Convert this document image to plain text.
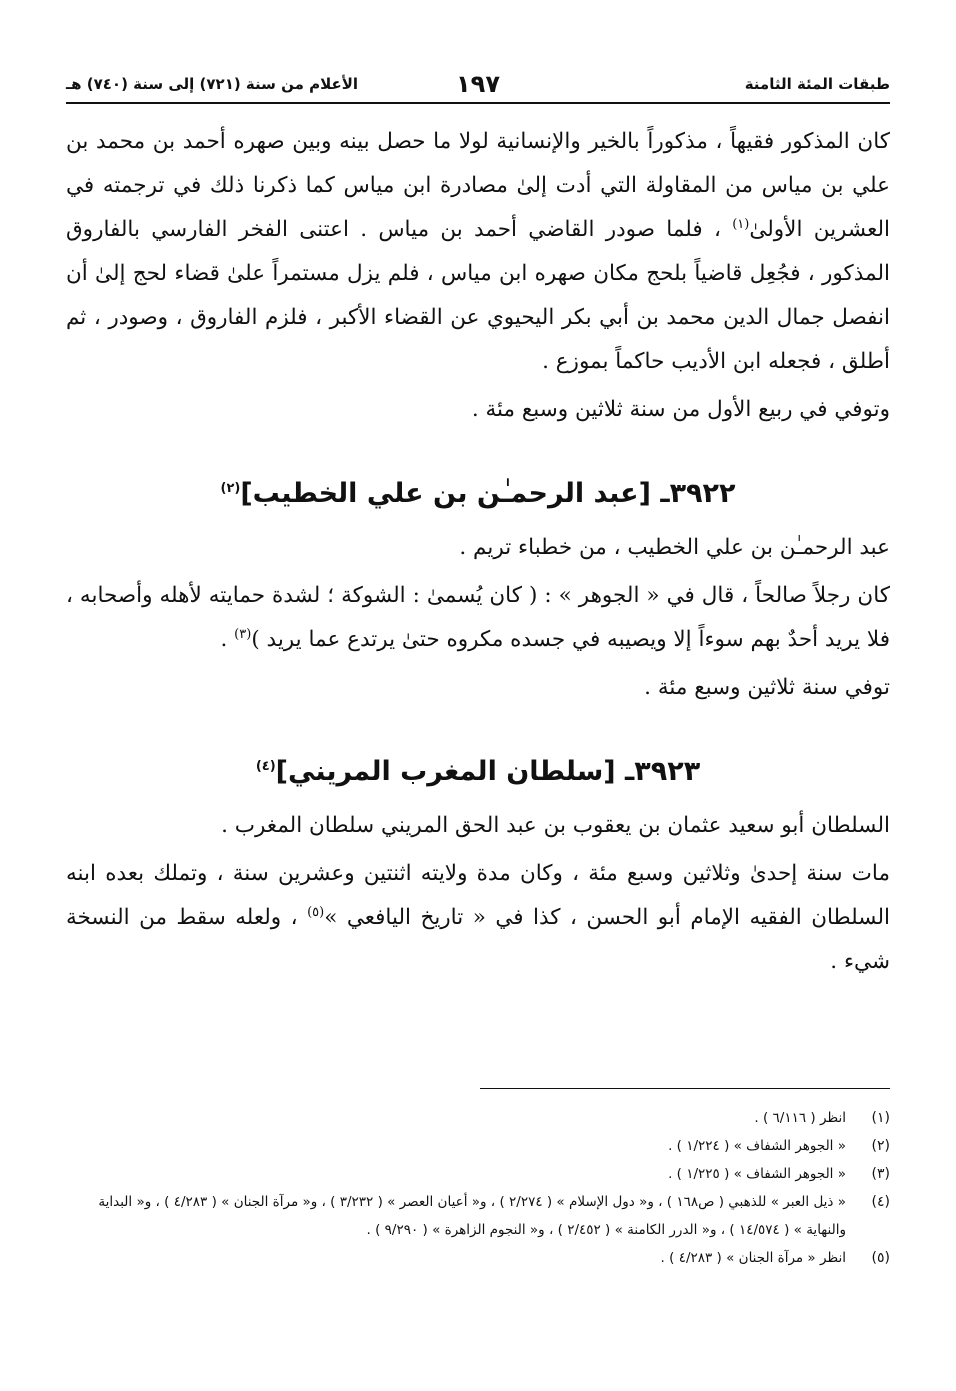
طبقات المئة الثامنة
١٩٧
الأعلام من سنة (٧٢١) إلى سنة (٧٤٠) هـ

كان المذكور فقيهاً ، مذكوراً بالخير والإنسانية لولا ما حصل بينه وبين صهره أحمد بن محمد بن علي بن مياس من المقاولة التي أدت إلىٰ مصادرة ابن مياس كما ذكرنا ذلك في ترجمته في العشرين الأولىٰ$^{(١)}$ ، فلما صودر القاضي أحمد بن مياس . اعتنى الفخر الفارسي بالفاروق المذكور ، فجُعِل قاضياً بلحج مكان صهره ابن مياس ، فلم يزل مستمراً علىٰ قضاء لحج إلىٰ أن انفصل جمال الدين محمد بن أبي بكر اليحيوي عن القضاء الأكبر ، فلزم الفاروق ، وصودر ، ثم أطلق ، فجعله ابن الأديب حاكماً بموزع .

وتوفي في ربيع الأول من سنة ثلاثين وسبع مئة .

٣٩٢٢ـ [عبد الرحمـٰن بن علي الخطيب]$^{(٢)}$

عبد الرحمـٰن بن علي الخطيب ، من خطباء تريم .

كان رجلاً صالحاً ، قال في « الجوهر » : ( كان يُسمىٰ : الشوكة ؛ لشدة حمايته لأهله وأصحابه ، فلا يريد أحدٌ بهم سوءاً إلا ويصيبه في جسده مكروه حتىٰ يرتدع عما يريد )$^{(٣)}$ .

توفي سنة ثلاثين وسبع مئة .

٣٩٢٣ـ [سلطان المغرب المريني]$^{(٤)}$

السلطان أبو سعيد عثمان بن يعقوب بن عبد الحق المريني سلطان المغرب .

مات سنة إحدىٰ وثلاثين وسبع مئة ، وكان مدة ولايته اثنتين وعشرين سنة ، وتملك بعده ابنه السلطان الفقيه الإمام أبو الحسن ، كذا في « تاريخ اليافعي »$^{(٥)}$ ، ولعله سقط من النسخة شيء .

(١)
انظر ( ٦/١١٦ ) .
(٢)
« الجوهر الشفاف » ( ١/٢٢٤ ) .
(٣)
« الجوهر الشفاف » ( ١/٢٢٥ ) .
(٤)
« ذيل العبر » للذهبي ( ص١٦٨ ) ، و« دول الإسلام » ( ٢/٢٧٤ ) ، و« أعيان العصر » ( ٣/٢٣٢ ) ، و« مرآة الجنان » ( ٤/٢٨٣ ) ، و« البداية والنهاية » ( ١٤/٥٧٤ ) ، و« الدرر الكامنة » ( ٢/٤٥٢ ) ، و« النجوم الزاهرة » ( ٩/٢٩٠ ) .
(٥)
انظر « مرآة الجنان » ( ٤/٢٨٣ ) .
